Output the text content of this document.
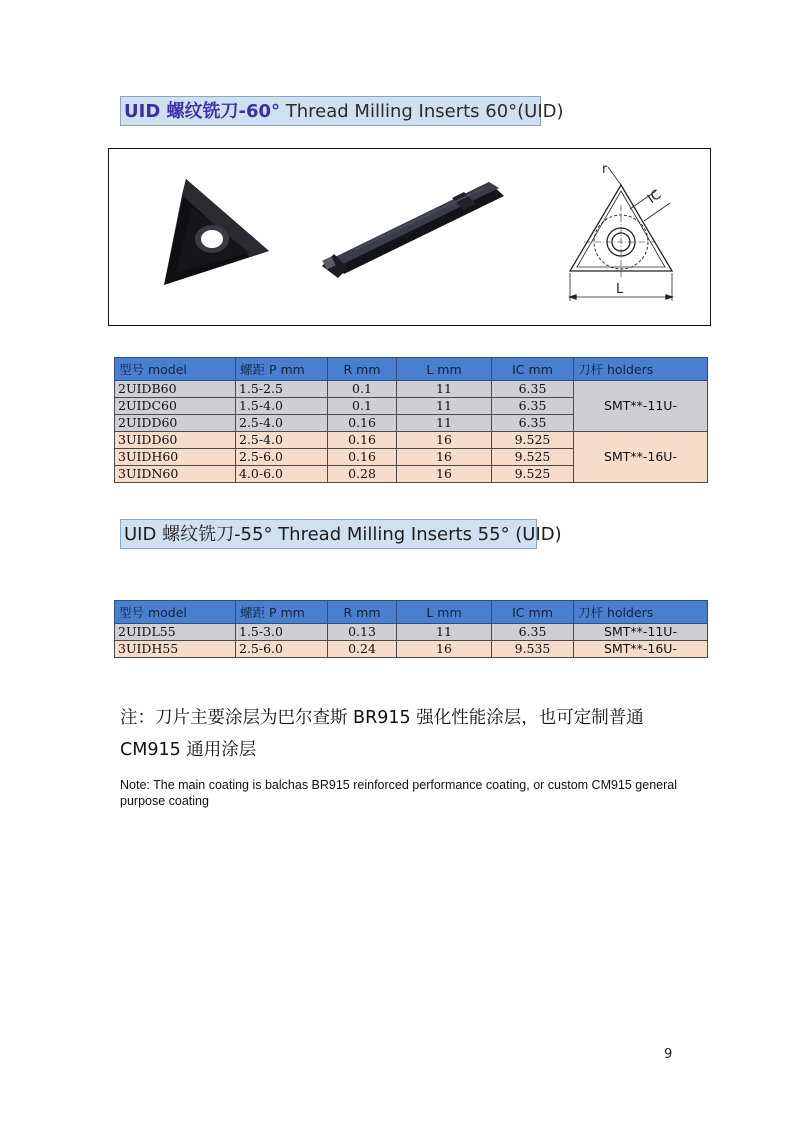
UID 螺纹铣刀-60° Thread Milling Inserts 60°(UID)
r
IC
L
型号 model	螺距 P mm	R mm	L mm	IC mm	刀杆 holders
2UIDB60	1.5-2.5	0.1	11	6.35	SMT**-11U-
2UIDC60	1.5-4.0	0.1	11	6.35	
2UIDD60	2.5-4.0	0.16	11	6.35	
3UIDD60	2.5-4.0	0.16	16	9.525	SMT**-16U-
3UIDH60	2.5-6.0	0.16	16	9.525	
3UIDN60	4.0-6.0	0.28	16	9.525	
UID 螺纹铣刀-55° Thread Milling Inserts 55° (UID)
型号 model	螺距 P mm	R mm	L mm	IC mm	刀杆 holders
2UIDL55	1.5-3.0	0.13	11	6.35	SMT**-11U-
3UIDH55	2.5-6.0	0.24	16	9.535	SMT**-16U-
注：刀片主要涂层为巴尔查斯 BR915 强化性能涂层，也可定制普通 CM915 通用涂层
Note: The main coating is balchas BR915 reinforced performance coating, or custom CM915 general purpose coating
9
